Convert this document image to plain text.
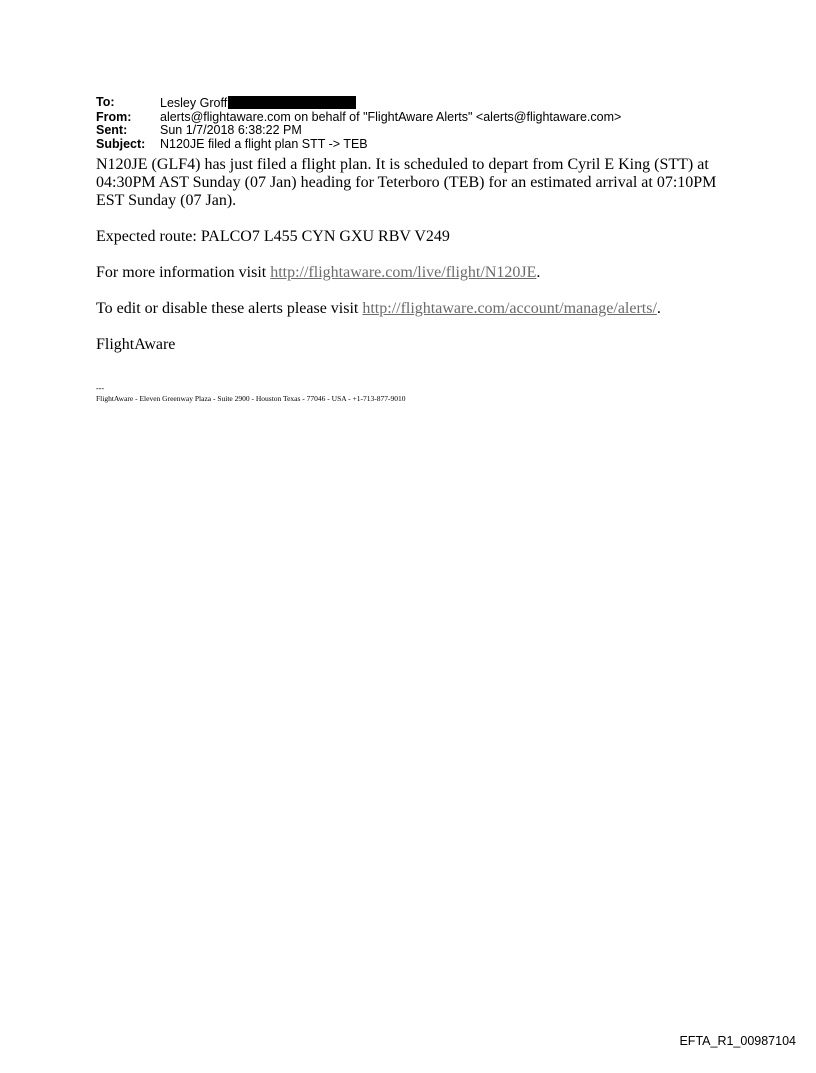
To:	Lesley Groff
From:	alerts@flightaware.com on behalf of "FlightAware Alerts" <alerts@flightaware.com>
Sent:	Sun 1/7/2018 6:38:22 PM
Subject:	N120JE filed a flight plan STT -> TEB

N120JE (GLF4) has just filed a flight plan. It is scheduled to depart from Cyril E King (STT) at 04:30PM AST Sunday (07 Jan) heading for Teterboro (TEB) for an estimated arrival at 07:10PM EST Sunday (07 Jan).

Expected route: PALCO7 L455 CYN GXU RBV V249

For more information visit http://flightaware.com/live/flight/N120JE.

To edit or disable these alerts please visit http://flightaware.com/account/manage/alerts/.

FlightAware

---
FlightAware - Eleven Greenway Plaza - Suite 2900 - Houston Texas - 77046 - USA - +1-713-877-9010
EFTA_R1_00987104
